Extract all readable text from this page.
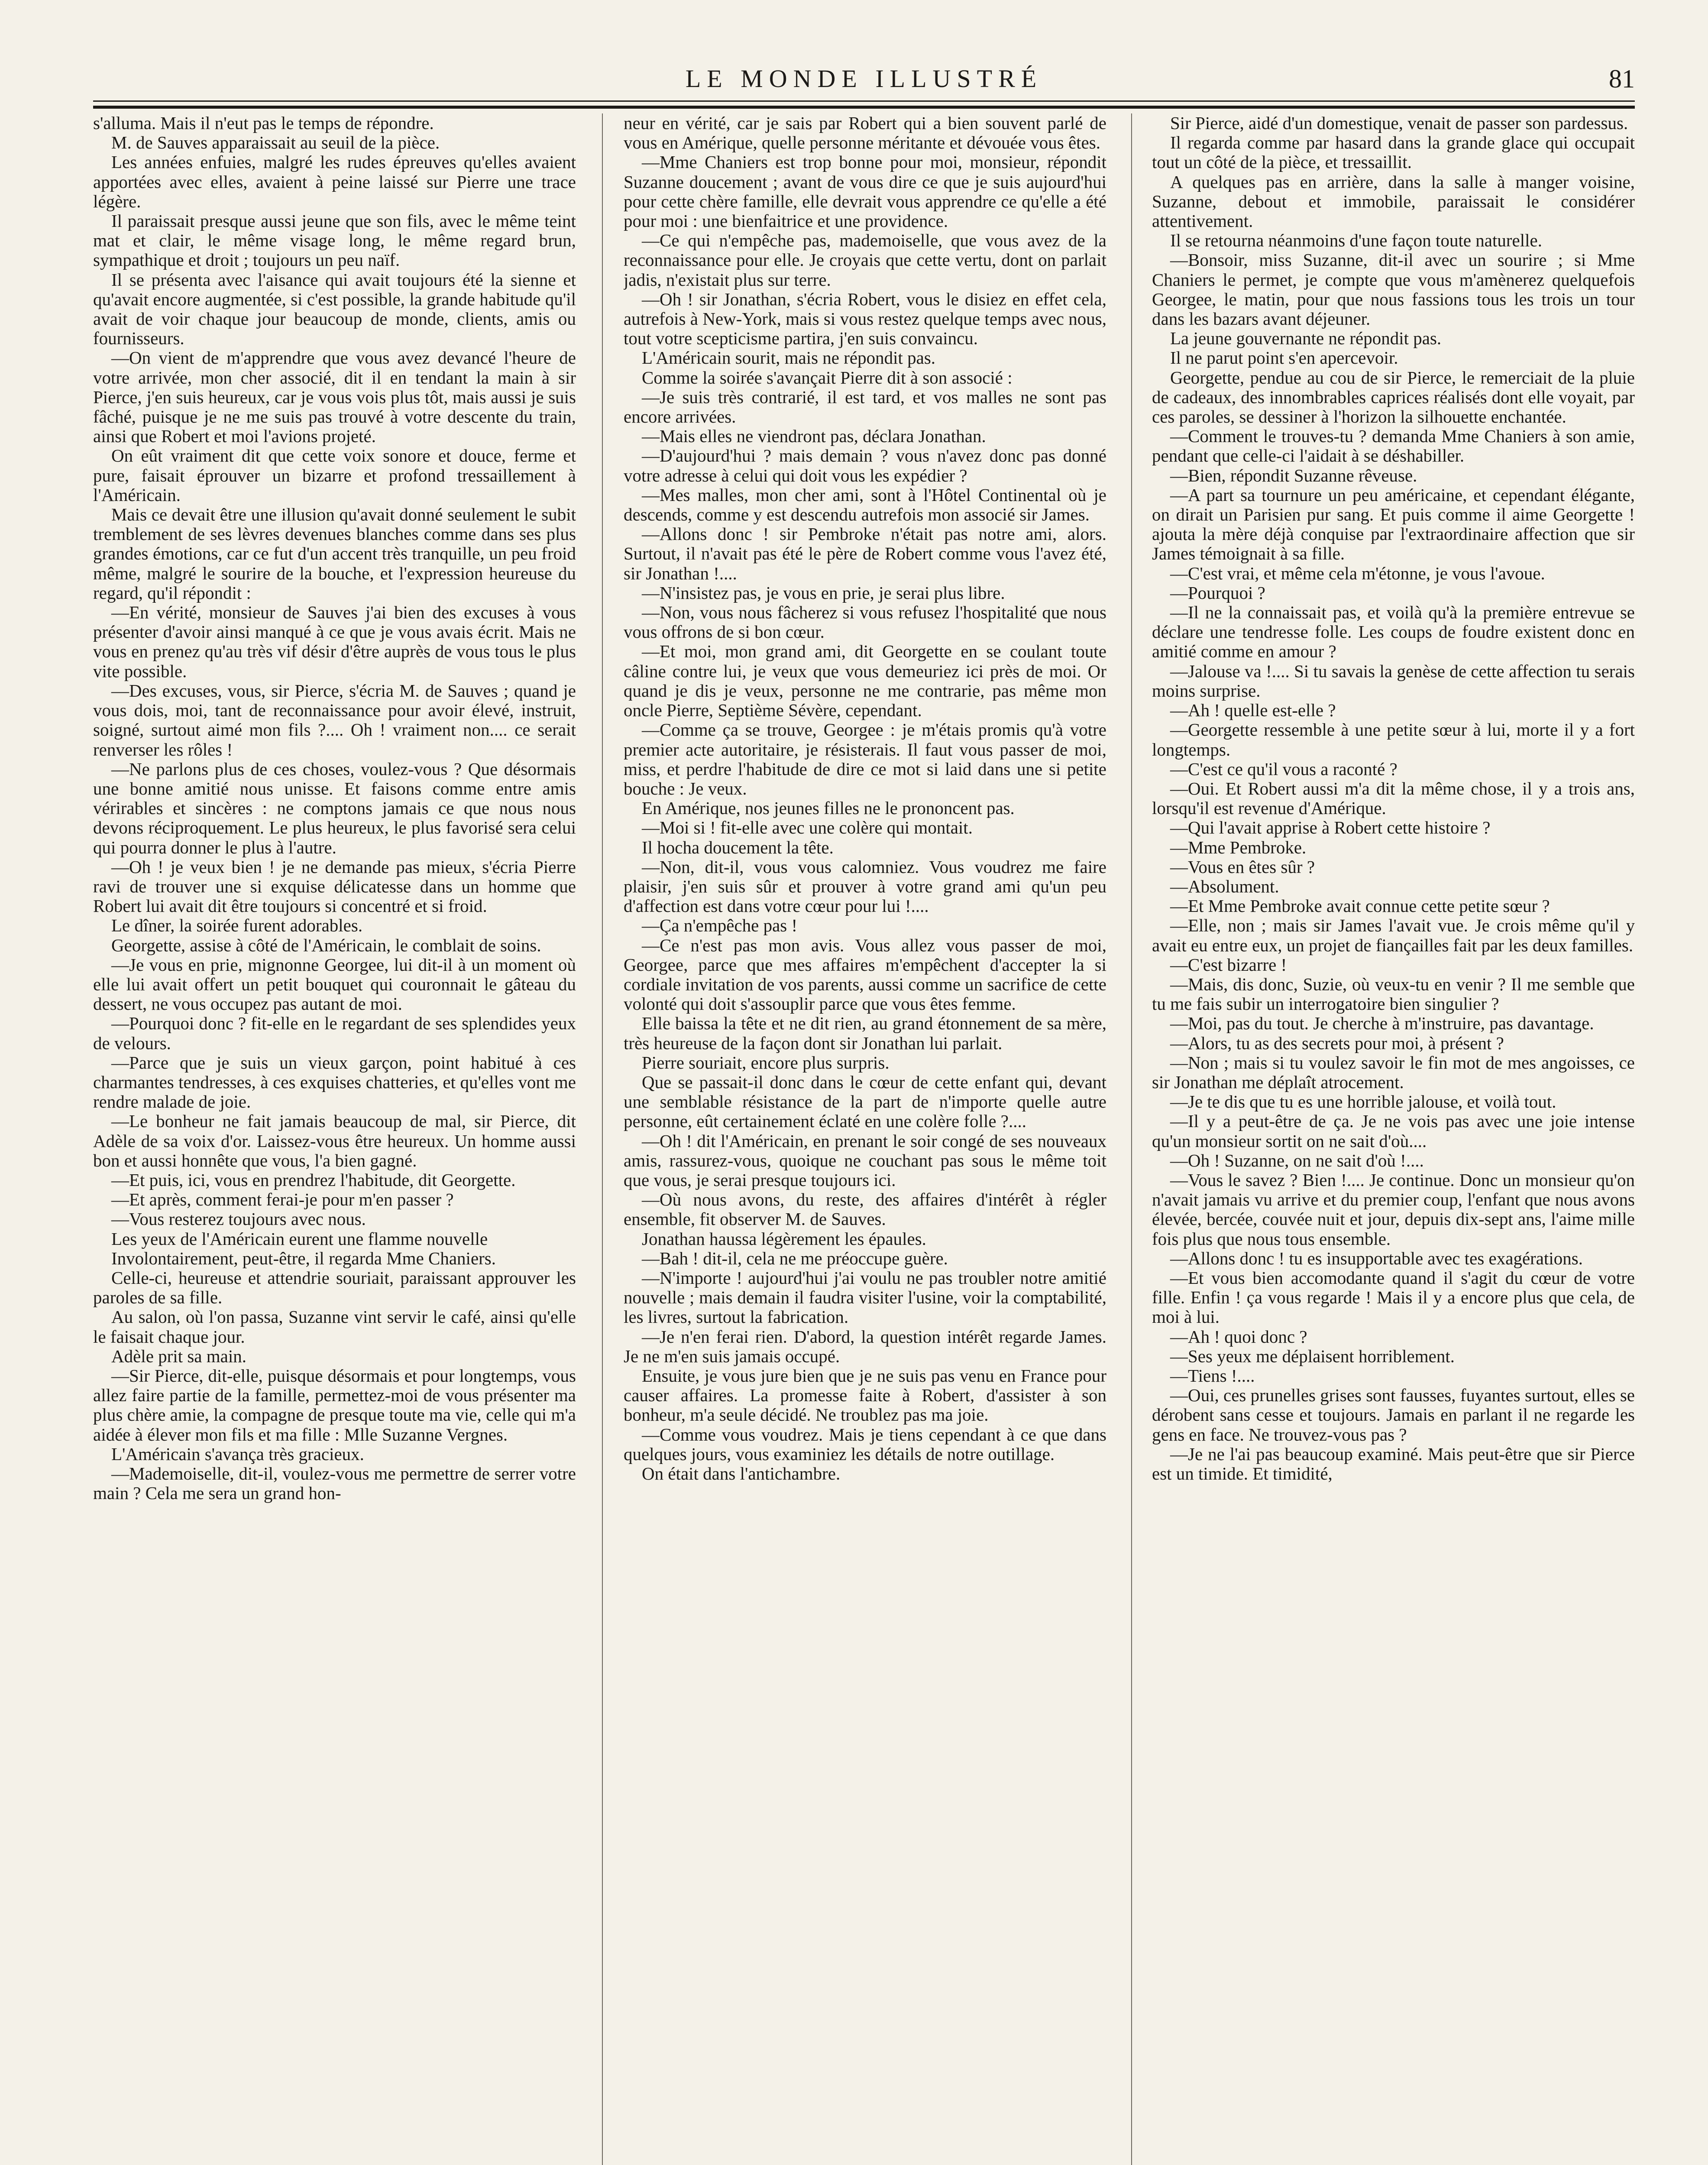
LE MONDE ILLUSTRÉ	81

s'alluma. Mais il n'eut pas le temps de répondre.

M. de Sauves apparaissait au seuil de la pièce.

Les années enfuies, malgré les rudes épreuves qu'elles avaient apportées avec elles, avaient à peine laissé sur Pierre une trace légère.

Il paraissait presque aussi jeune que son fils, avec le même teint mat et clair, le même visage long, le même regard brun, sympathique et droit ; toujours un peu naïf.

Il se présenta avec l'aisance qui avait toujours été la sienne et qu'avait encore augmentée, si c'est possible, la grande habitude qu'il avait de voir chaque jour beaucoup de monde, clients, amis ou fournisseurs.

—On vient de m'apprendre que vous avez devancé l'heure de votre arrivée, mon cher associé, dit il en tendant la main à sir Pierce, j'en suis heureux, car je vous vois plus tôt, mais aussi je suis fâché, puisque je ne me suis pas trouvé à votre descente du train, ainsi que Robert et moi l'avions projeté.

On eût vraiment dit que cette voix sonore et douce, ferme et pure, faisait éprouver un bizarre et profond tressaillement à l'Américain.

Mais ce devait être une illusion qu'avait donné seulement le subit tremblement de ses lèvres devenues blanches comme dans ses plus grandes émotions, car ce fut d'un accent très tranquille, un peu froid même, malgré le sourire de la bouche, et l'expression heureuse du regard, qu'il répondit :

—En vérité, monsieur de Sauves j'ai bien des excuses à vous présenter d'avoir ainsi manqué à ce que je vous avais écrit. Mais ne vous en prenez qu'au très vif désir d'être auprès de vous tous le plus vite possible.

—Des excuses, vous, sir Pierce, s'écria M. de Sauves ; quand je vous dois, moi, tant de reconnaissance pour avoir élevé, instruit, soigné, surtout aimé mon fils ?.... Oh ! vraiment non.... ce serait renverser les rôles !

—Ne parlons plus de ces choses, voulez-vous ? Que désormais une bonne amitié nous unisse. Et faisons comme entre amis vérirables et sincères : ne comptons jamais ce que nous nous devons réciproquement. Le plus heureux, le plus favorisé sera celui qui pourra donner le plus à l'autre.

—Oh ! je veux bien ! je ne demande pas mieux, s'écria Pierre ravi de trouver une si exquise délicatesse dans un homme que Robert lui avait dit être toujours si concentré et si froid.

Le dîner, la soirée furent adorables.

Georgette, assise à côté de l'Américain, le comblait de soins.

—Je vous en prie, mignonne Georgee, lui dit-il à un moment où elle lui avait offert un petit bouquet qui couronnait le gâteau du dessert, ne vous occupez pas autant de moi.

—Pourquoi donc ? fit-elle en le regardant de ses splendides yeux de velours.

—Parce que je suis un vieux garçon, point habitué à ces charmantes tendresses, à ces exquises chatteries, et qu'elles vont me rendre malade de joie.

—Le bonheur ne fait jamais beaucoup de mal, sir Pierce, dit Adèle de sa voix d'or. Laissez-vous être heureux. Un homme aussi bon et aussi honnête que vous, l'a bien gagné.

—Et puis, ici, vous en prendrez l'habitude, dit Georgette.

—Et après, comment ferai-je pour m'en passer ?

—Vous resterez toujours avec nous.

Les yeux de l'Américain eurent une flamme nouvelle

Involontairement, peut-être, il regarda Mme Chaniers.

Celle-ci, heureuse et attendrie souriait, paraissant approuver les paroles de sa fille.

Au salon, où l'on passa, Suzanne vint servir le café, ainsi qu'elle le faisait chaque jour.

Adèle prit sa main.

—Sir Pierce, dit-elle, puisque désormais et pour longtemps, vous allez faire partie de la famille, permettez-moi de vous présenter ma plus chère amie, la compagne de presque toute ma vie, celle qui m'a aidée à élever mon fils et ma fille : Mlle Suzanne Vergnes.

L'Américain s'avança très gracieux.

—Mademoiselle, dit-il, voulez-vous me permettre de serrer votre main ? Cela me sera un grand hon-

neur en vérité, car je sais par Robert qui a bien souvent parlé de vous en Amérique, quelle personne méritante et dévouée vous êtes.

—Mme Chaniers est trop bonne pour moi, monsieur, répondit Suzanne doucement ; avant de vous dire ce que je suis aujourd'hui pour cette chère famille, elle devrait vous apprendre ce qu'elle a été pour moi : une bienfaitrice et une providence.

—Ce qui n'empêche pas, mademoiselle, que vous avez de la reconnaissance pour elle. Je croyais que cette vertu, dont on parlait jadis, n'existait plus sur terre.

—Oh ! sir Jonathan, s'écria Robert, vous le disiez en effet cela, autrefois à New-York, mais si vous restez quelque temps avec nous, tout votre scepticisme partira, j'en suis convaincu.

L'Américain sourit, mais ne répondit pas.

Comme la soirée s'avançait Pierre dit à son associé :

—Je suis très contrarié, il est tard, et vos malles ne sont pas encore arrivées.

—Mais elles ne viendront pas, déclara Jonathan.

—D'aujourd'hui ? mais demain ? vous n'avez donc pas donné votre adresse à celui qui doit vous les expédier ?

—Mes malles, mon cher ami, sont à l'Hôtel Continental où je descends, comme y est descendu autrefois mon associé sir James.

—Allons donc ! sir Pembroke n'était pas notre ami, alors. Surtout, il n'avait pas été le père de Robert comme vous l'avez été, sir Jonathan !....

—N'insistez pas, je vous en prie, je serai plus libre.

—Non, vous nous fâcherez si vous refusez l'hospitalité que nous vous offrons de si bon cœur.

—Et moi, mon grand ami, dit Georgette en se coulant toute câline contre lui, je veux que vous demeuriez ici près de moi. Or quand je dis je veux, personne ne me contrarie, pas même mon oncle Pierre, Septième Sévère, cependant.

—Comme ça se trouve, Georgee : je m'étais promis qu'à votre premier acte autoritaire, je résisterais. Il faut vous passer de moi, miss, et perdre l'habitude de dire ce mot si laid dans une si petite bouche : Je veux.

En Amérique, nos jeunes filles ne le prononcent pas.

—Moi si ! fit-elle avec une colère qui montait.

Il hocha doucement la tête.

—Non, dit-il, vous vous calomniez. Vous voudrez me faire plaisir, j'en suis sûr et prouver à votre grand ami qu'un peu d'affection est dans votre cœur pour lui !....

—Ça n'empêche pas !

—Ce n'est pas mon avis. Vous allez vous passer de moi, Georgee, parce que mes affaires m'empêchent d'accepter la si cordiale invitation de vos parents, aussi comme un sacrifice de cette volonté qui doit s'assouplir parce que vous êtes femme.

Elle baissa la tête et ne dit rien, au grand étonnement de sa mère, très heureuse de la façon dont sir Jonathan lui parlait.

Pierre souriait, encore plus surpris.

Que se passait-il donc dans le cœur de cette enfant qui, devant une semblable résistance de la part de n'importe quelle autre personne, eût certainement éclaté en une colère folle ?....

—Oh ! dit l'Américain, en prenant le soir congé de ses nouveaux amis, rassurez-vous, quoique ne couchant pas sous le même toit que vous, je serai presque toujours ici.

—Où nous avons, du reste, des affaires d'intérêt à régler ensemble, fit observer M. de Sauves.

Jonathan haussa légèrement les épaules.

—Bah ! dit-il, cela ne me préoccupe guère.

—N'importe ! aujourd'hui j'ai voulu ne pas troubler notre amitié nouvelle ; mais demain il faudra visiter l'usine, voir la comptabilité, les livres, surtout la fabrication.

—Je n'en ferai rien. D'abord, la question intérêt regarde James. Je ne m'en suis jamais occupé.

Ensuite, je vous jure bien que je ne suis pas venu en France pour causer affaires. La promesse faite à Robert, d'assister à son bonheur, m'a seule décidé. Ne troublez pas ma joie.

—Comme vous voudrez. Mais je tiens cependant à ce que dans quelques jours, vous examiniez les détails de notre outillage.

On était dans l'antichambre.

Sir Pierce, aidé d'un domestique, venait de passer son pardessus.

Il regarda comme par hasard dans la grande glace qui occupait tout un côté de la pièce, et tressaillit.

A quelques pas en arrière, dans la salle à manger voisine, Suzanne, debout et immobile, paraissait le considérer attentivement.

Il se retourna néanmoins d'une façon toute naturelle.

—Bonsoir, miss Suzanne, dit-il avec un sourire ; si Mme Chaniers le permet, je compte que vous m'amènerez quelquefois Georgee, le matin, pour que nous fassions tous les trois un tour dans les bazars avant déjeuner.

La jeune gouvernante ne répondit pas.

Il ne parut point s'en apercevoir.

Georgette, pendue au cou de sir Pierce, le remerciait de la pluie de cadeaux, des innombrables caprices réalisés dont elle voyait, par ces paroles, se dessiner à l'horizon la silhouette enchantée.

—Comment le trouves-tu ? demanda Mme Chaniers à son amie, pendant que celle-ci l'aidait à se déshabiller.

—Bien, répondit Suzanne rêveuse.

—A part sa tournure un peu américaine, et cependant élégante, on dirait un Parisien pur sang. Et puis comme il aime Georgette ! ajouta la mère déjà conquise par l'extraordinaire affection que sir James témoignait à sa fille.

—C'est vrai, et même cela m'étonne, je vous l'avoue.

—Pourquoi ?

—Il ne la connaissait pas, et voilà qu'à la première entrevue se déclare une tendresse folle. Les coups de foudre existent donc en amitié comme en amour ?

—Jalouse va !.... Si tu savais la genèse de cette affection tu serais moins surprise.

—Ah ! quelle est-elle ?

—Georgette ressemble à une petite sœur à lui, morte il y a fort longtemps.

—C'est ce qu'il vous a raconté ?

—Oui. Et Robert aussi m'a dit la même chose, il y a trois ans, lorsqu'il est revenue d'Amérique.

—Qui l'avait apprise à Robert cette histoire ?

—Mme Pembroke.

—Vous en êtes sûr ?

—Absolument.

—Et Mme Pembroke avait connue cette petite sœur ?

—Elle, non ; mais sir James l'avait vue. Je crois même qu'il y avait eu entre eux, un projet de fiançailles fait par les deux familles.

—C'est bizarre !

—Mais, dis donc, Suzie, où veux-tu en venir ? Il me semble que tu me fais subir un interrogatoire bien singulier ?

—Moi, pas du tout. Je cherche à m'instruire, pas davantage.

—Alors, tu as des secrets pour moi, à présent ?

—Non ; mais si tu voulez savoir le fin mot de mes angoisses, ce sir Jonathan me déplaît atrocement.

—Je te dis que tu es une horrible jalouse, et voilà tout.

—Il y a peut-être de ça. Je ne vois pas avec une joie intense qu'un monsieur sortit on ne sait d'où....

—Oh ! Suzanne, on ne sait d'où !....

—Vous le savez ? Bien !.... Je continue. Donc un monsieur qu'on n'avait jamais vu arrive et du premier coup, l'enfant que nous avons élevée, bercée, couvée nuit et jour, depuis dix-sept ans, l'aime mille fois plus que nous tous ensemble.

—Allons donc ! tu es insupportable avec tes exagérations.

—Et vous bien accomodante quand il s'agit du cœur de votre fille. Enfin ! ça vous regarde ! Mais il y a encore plus que cela, de moi à lui.

—Ah ! quoi donc ?

—Ses yeux me déplaisent horriblement.

—Tiens !....

—Oui, ces prunelles grises sont fausses, fuyantes surtout, elles se dérobent sans cesse et toujours. Jamais en parlant il ne regarde les gens en face. Ne trouvez-vous pas ?

—Je ne l'ai pas beaucoup examiné. Mais peut-être que sir Pierce est un timide. Et timidité,
